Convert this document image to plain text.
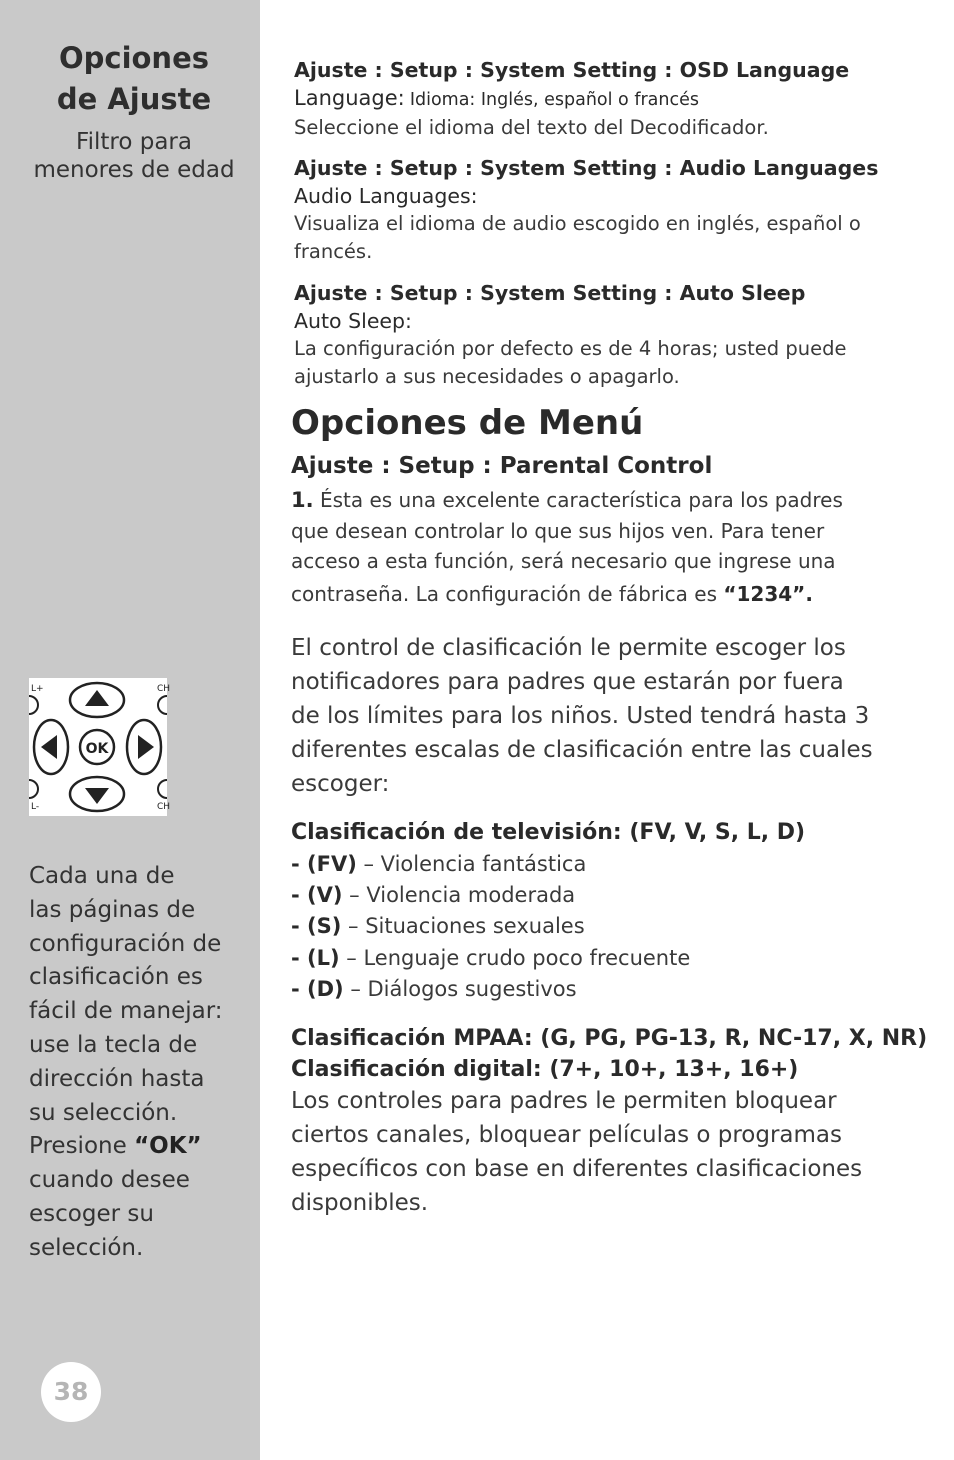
Opciones
de Ajuste
Filtro para
menores de edad
L+	CH
L-	CH
OK
Cada una de
las páginas de
configuración de
clasificación es
fácil de manejar:
use la tecla de
dirección hasta
su selección.
Presione “OK”
cuando desee
escoger su
selección.
38
Ajuste : Setup : System Setting : OSD Language
Language: Idioma: Inglés, español o francés
Seleccione el idioma del texto del Decodificador.
Ajuste : Setup : System Setting : Audio Languages
Audio Languages:
Visualiza el idioma de audio escogido en inglés, español o
francés.
Ajuste : Setup : System Setting : Auto Sleep
Auto Sleep:
La configuración por defecto es de 4 horas; usted puede
ajustarlo a sus necesidades o apagarlo.
Opciones de Menú
Ajuste : Setup : Parental Control
1. Ésta es una excelente característica para los padres
que desean controlar lo que sus hijos ven. Para tener
acceso a esta función, será necesario que ingrese una
contraseña. La configuración de fábrica es “1234”.
El control de clasificación le permite escoger los
notificadores para padres que estarán por fuera
de los límites para los niños. Usted tendrá hasta 3
diferentes escalas de clasificación entre las cuales
escoger:
Clasificación de televisión: (FV, V, S, L, D)
- (FV) – Violencia fantástica
- (V) – Violencia moderada
- (S) – Situaciones sexuales
- (L) – Lenguaje crudo poco frecuente
- (D) – Diálogos sugestivos
Clasificación MPAA: (G, PG, PG-13, R, NC-17, X, NR)
Clasificación digital: (7+, 10+, 13+, 16+)
Los controles para padres le permiten bloquear
ciertos canales, bloquear películas o programas
específicos con base en diferentes clasificaciones
disponibles.
